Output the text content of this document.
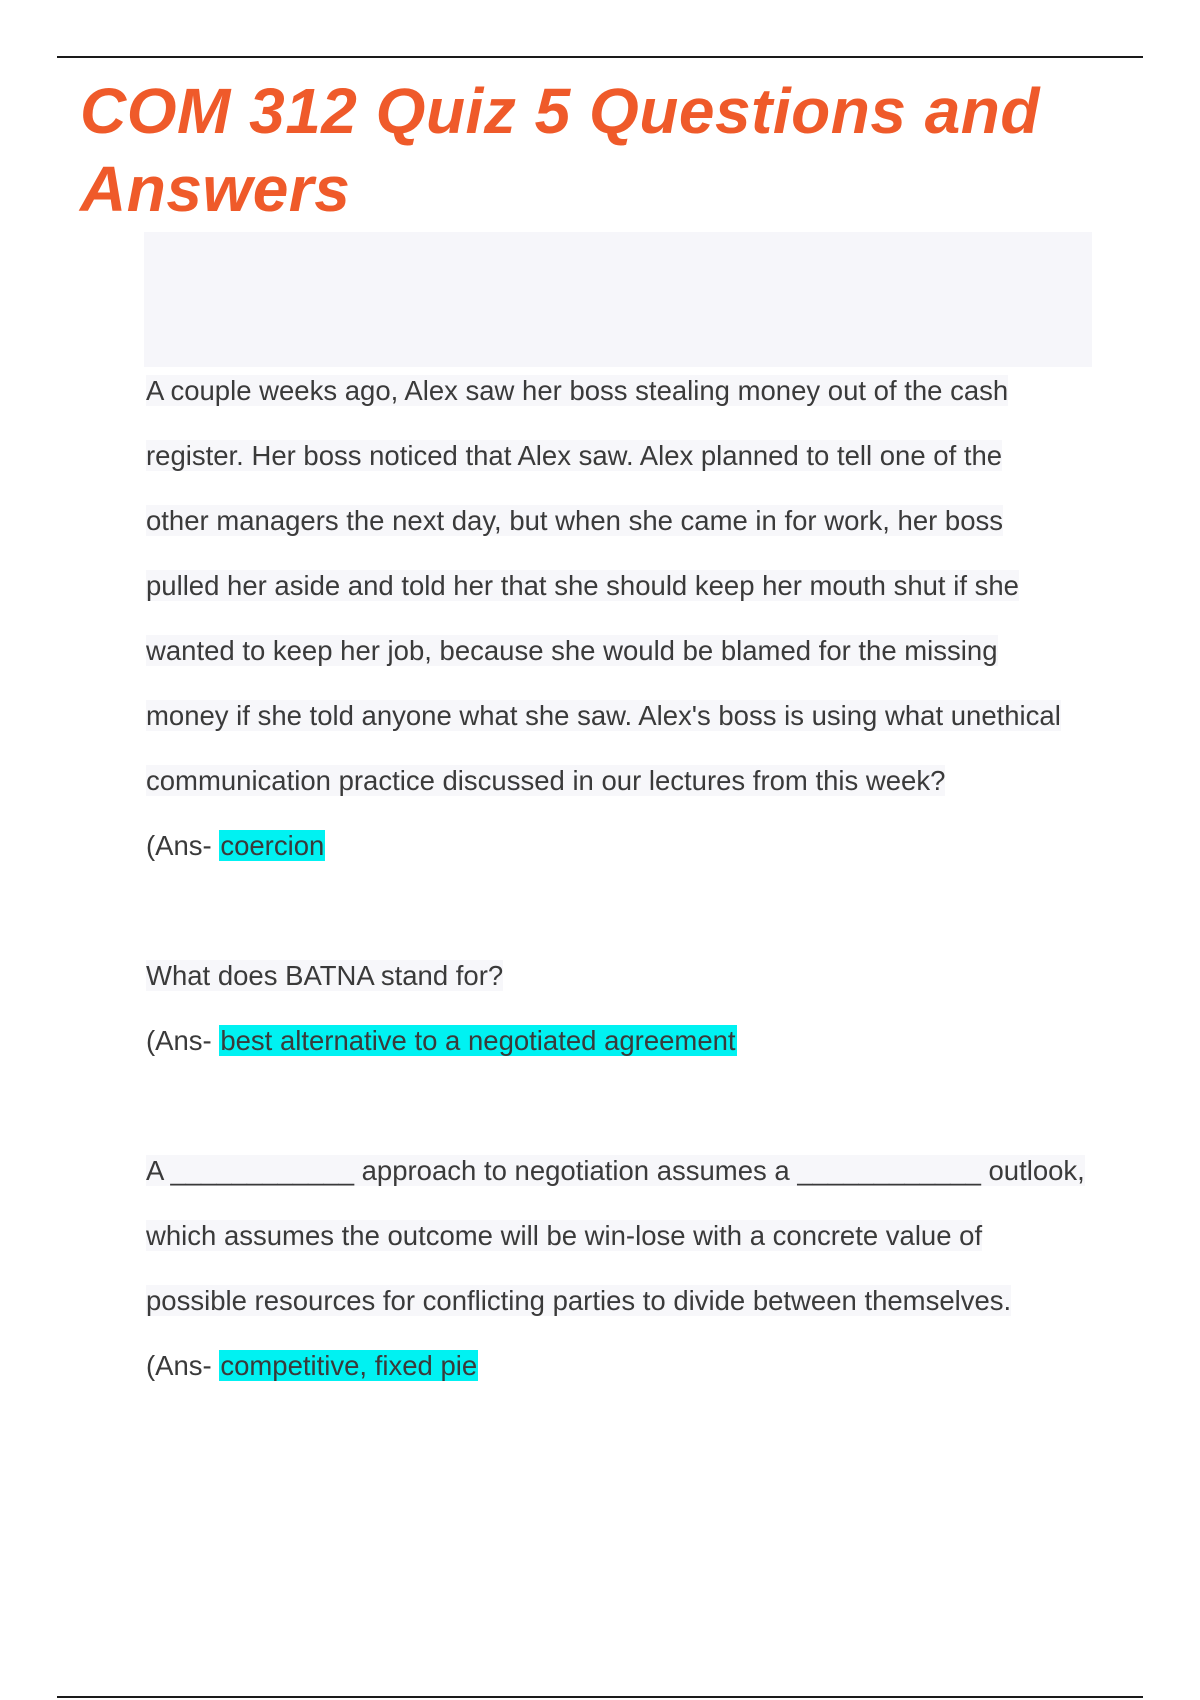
COM 312 Quiz 5 Questions and Answers
A couple weeks ago, Alex saw her boss stealing money out of the cash
register. Her boss noticed that Alex saw. Alex planned to tell one of the
other managers the next day, but when she came in for work, her boss
pulled her aside and told her that she should keep her mouth shut if she
wanted to keep her job, because she would be blamed for the missing
money if she told anyone what she saw. Alex's boss is using what unethical
communication practice discussed in our lectures from this week?
(Ans- coercion
What does BATNA stand for?
(Ans- best alternative to a negotiated agreement
A ____________ approach to negotiation assumes a ____________ outlook,
which assumes the outcome will be win-lose with a concrete value of
possible resources for conflicting parties to divide between themselves.
(Ans- competitive, fixed pie
